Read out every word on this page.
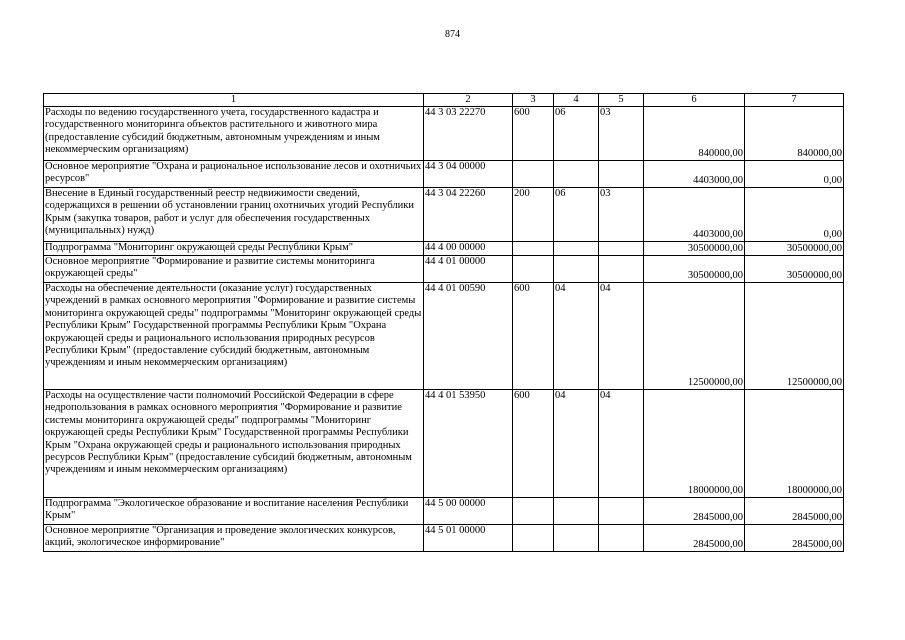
874
1	2	3	4	5	6	7
Расходы по ведению государственного учета, государственного кадастра и государственного мониторинга объектов растительного и животного мира (предоставление субсидий бюджетным, автономным учреждениям и иным некоммерческим организациям)	44 3 03 22270	600	06	03	840000,00	840000,00
Основное мероприятие "Охрана и рациональное использование лесов и охотничьих ресурсов"	44 3 04 00000				4403000,00	0,00
Внесение в Единый государственный реестр недвижимости сведений, содержащихся в решении об установлении границ охотничьих угодий Республики Крым (закупка товаров, работ и услуг для обеспечения государственных (муниципальных) нужд)	44 3 04 22260	200	06	03	4403000,00	0,00
Подпрограмма "Мониторинг окружающей среды Республики Крым"	44 4 00 00000				30500000,00	30500000,00
Основное мероприятие "Формирование и развитие системы мониторинга окружающей среды"	44 4 01 00000				30500000,00	30500000,00
Расходы на обеспечение деятельности (оказание услуг) государственных учреждений в рамках основного мероприятия "Формирование и развитие системы мониторинга окружающей среды" подпрограммы "Мониторинг окружающей среды Республики Крым" Государственной программы Республики Крым "Охрана окружающей среды и рационального использования природных ресурсов Республики Крым" (предоставление субсидий бюджетным, автономным учреждениям и иным некоммерческим организациям)	44 4 01 00590	600	04	04	12500000,00	12500000,00
Расходы на осуществление части полномочий Российской Федерации в сфере недропользования в рамках основного мероприятия "Формирование и развитие системы мониторинга окружающей среды" подпрограммы "Мониторинг окружающей среды Республики Крым" Государственной программы Республики Крым "Охрана окружающей среды и рационального использования природных ресурсов Республики Крым" (предоставление субсидий бюджетным, автономным учреждениям и иным некоммерческим организациям)	44 4 01 53950	600	04	04	18000000,00	18000000,00
Подпрограмма "Экологическое образование и воспитание населения Республики Крым"	44 5 00 00000				2845000,00	2845000,00
Основное мероприятие "Организация и проведение экологических конкурсов, акций, экологическое информирование"	44 5 01 00000				2845000,00	2845000,00
